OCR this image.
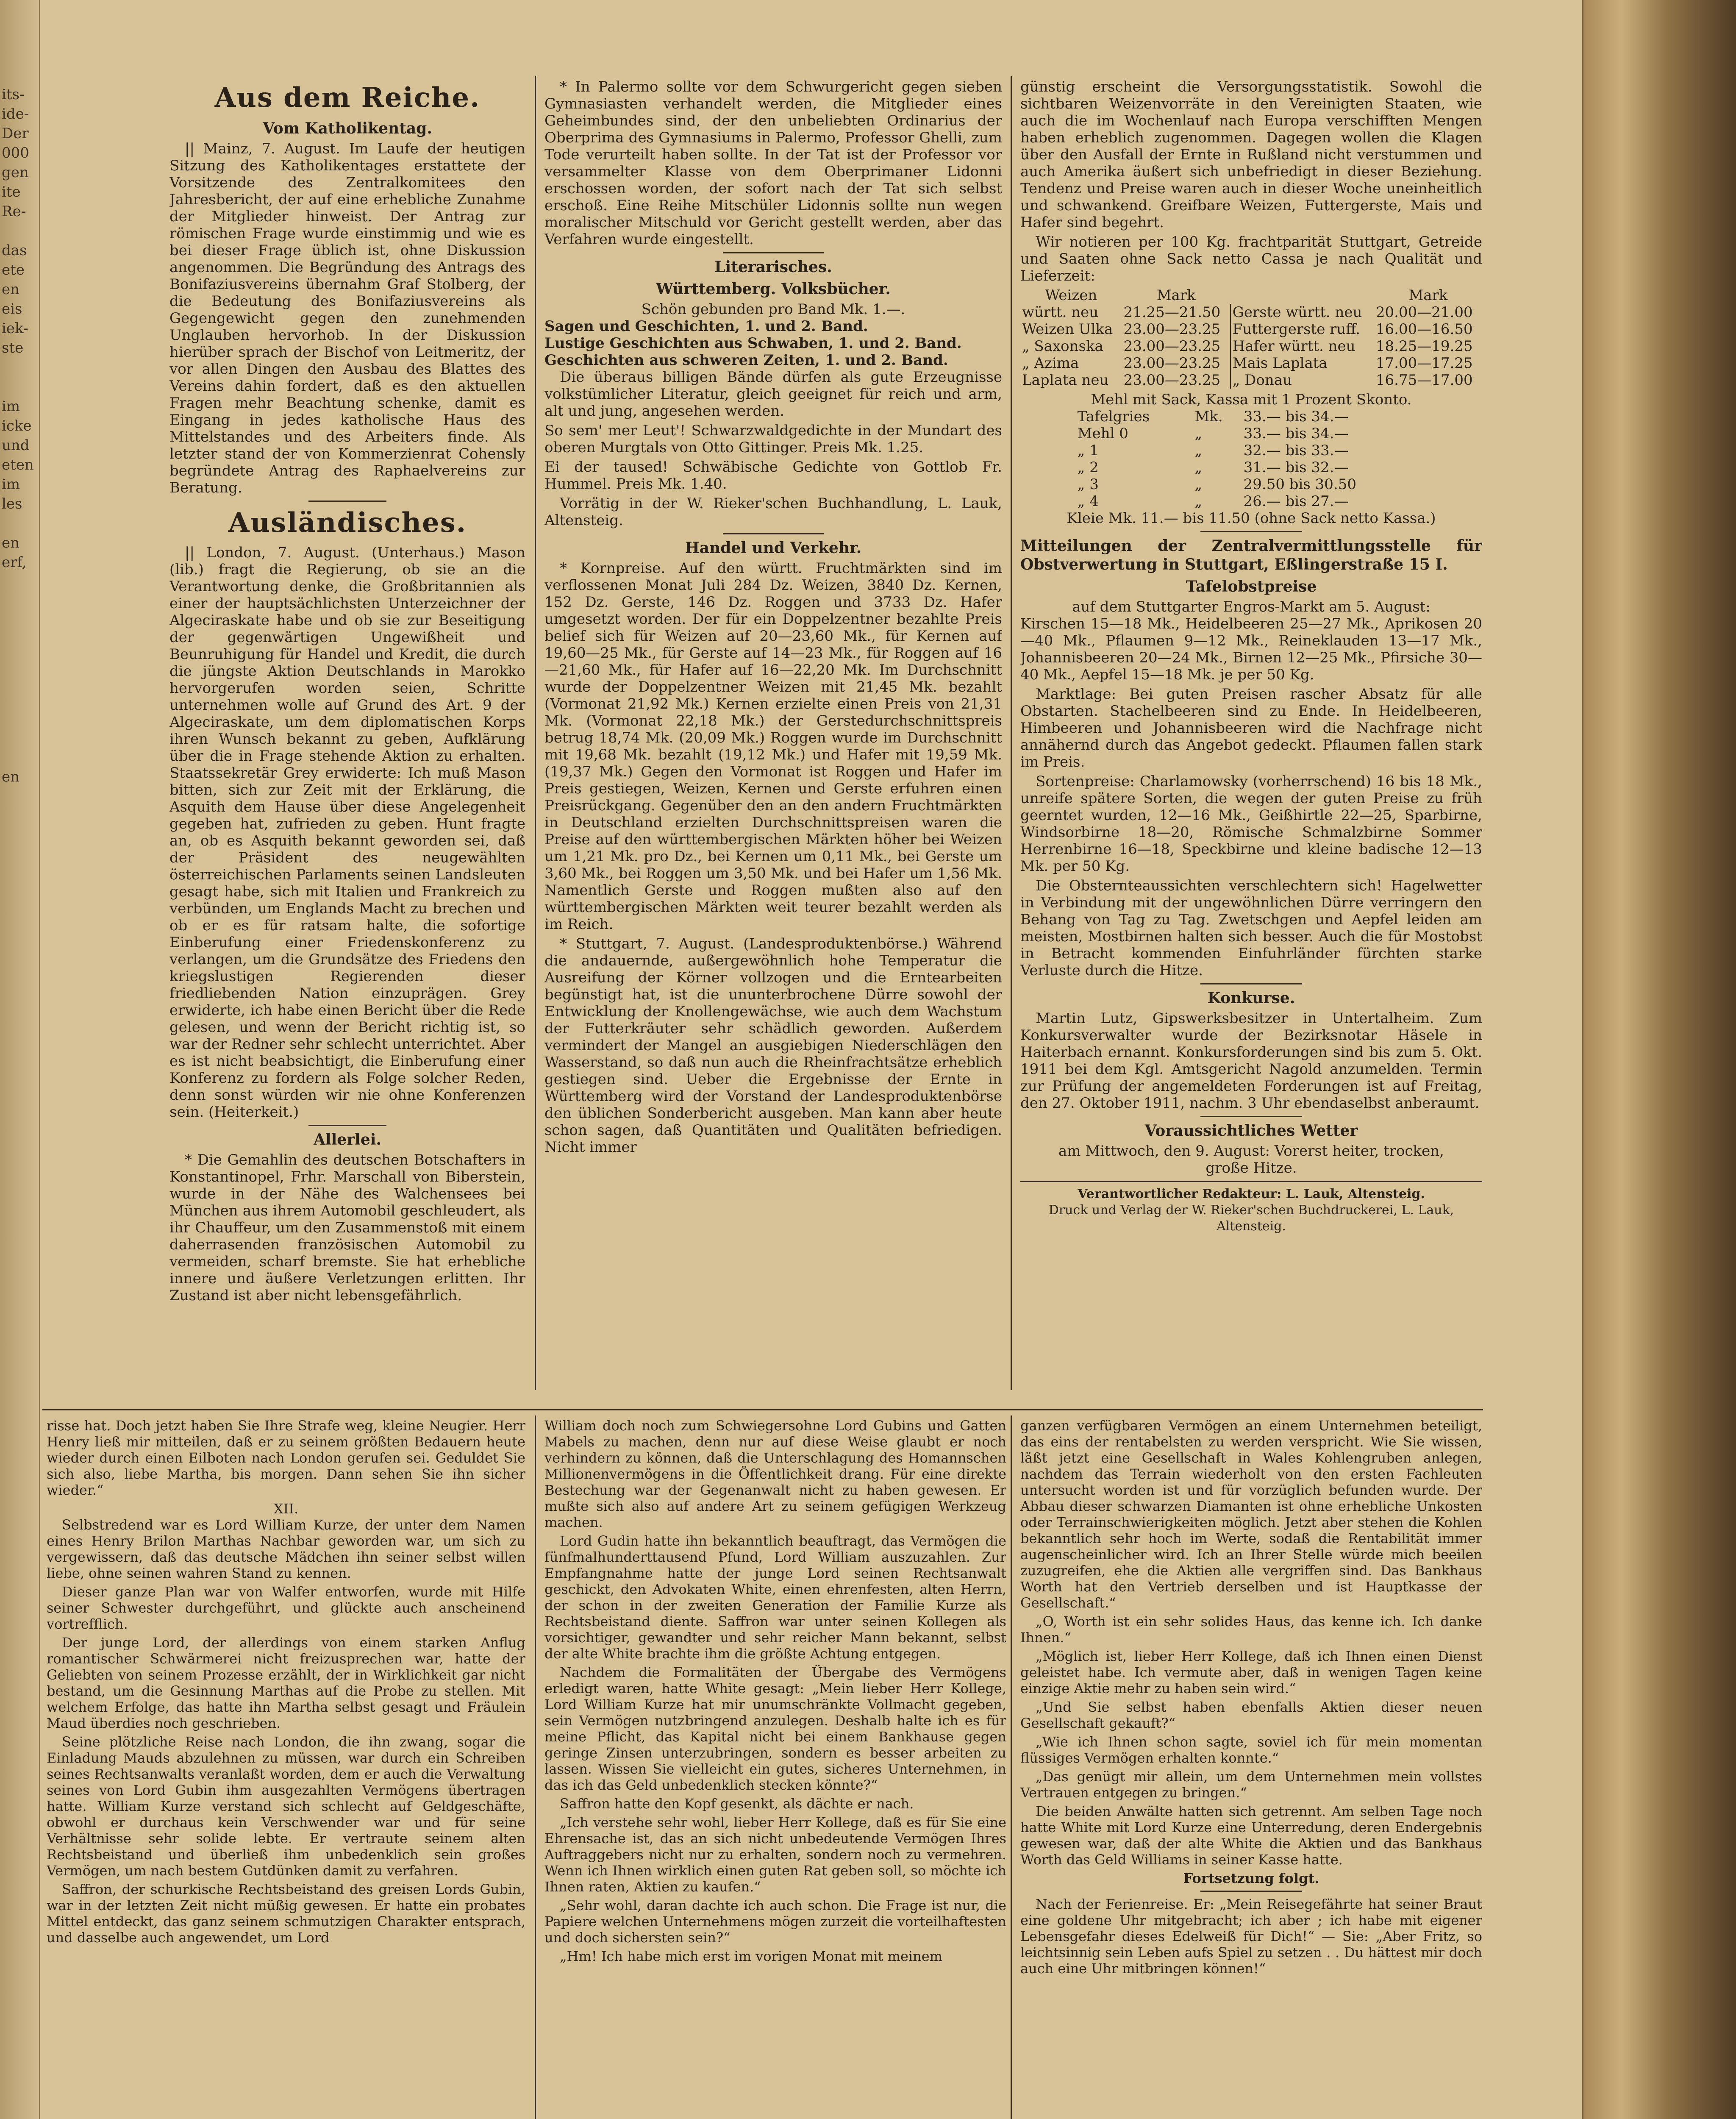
its-
ide-
Der
000
gen
ite
Re-
das
ete
en
eis
iek-
ste
im
icke
und
eten
im
les
en
erf,
en
Aus dem Reiche.
Vom Katholikentag.

|| Mainz, 7. August. Im Laufe der heutigen Sitzung des Katholikentages erstattete der Vorsitzende des Zentralkomitees den Jahresbericht, der auf eine erhebliche Zunahme der Mitglieder hinweist. Der Antrag zur römischen Frage wurde einstimmig und wie es bei dieser Frage üblich ist, ohne Diskussion angenommen. Die Begründung des Antrags des Bonifaziusvereins übernahm Graf Stolberg, der die Bedeutung des Bonifaziusvereins als Gegengewicht gegen den zunehmenden Unglauben hervorhob. In der Diskussion hierüber sprach der Bischof von Leitmeritz, der vor allen Dingen den Ausbau des Blattes des Vereins dahin fordert, daß es den aktuellen Fragen mehr Beachtung schenke, damit es Eingang in jedes katholische Haus des Mittelstandes und des Arbeiters finde. Als letzter stand der von Kommerzienrat Cohensly begründete Antrag des Raphaelvereins zur Beratung.

Ausländisches.

|| London, 7. August. (Unterhaus.) Mason (lib.) fragt die Regierung, ob sie an die Verantwortung denke, die Großbritannien als einer der hauptsächlichsten Unterzeichner der Algeciraskate habe und ob sie zur Beseitigung der gegenwärtigen Ungewißheit und Beunruhigung für Handel und Kredit, die durch die jüngste Aktion Deutschlands in Marokko hervorgerufen worden seien, Schritte unternehmen wolle auf Grund des Art. 9 der Algeciraskate, um dem diplomatischen Korps ihren Wunsch bekannt zu geben, Aufklärung über die in Frage stehende Aktion zu erhalten. Staatssekretär Grey erwiderte: Ich muß Mason bitten, sich zur Zeit mit der Erklärung, die Asquith dem Hause über diese Angelegenheit gegeben hat, zufrieden zu geben. Hunt fragte an, ob es Asquith bekannt geworden sei, daß der Präsident des neugewählten österreichischen Parlaments seinen Landsleuten gesagt habe, sich mit Italien und Frankreich zu verbünden, um Englands Macht zu brechen und ob er es für ratsam halte, die sofortige Einberufung einer Friedenskonferenz zu verlangen, um die Grundsätze des Friedens den kriegslustigen Regierenden dieser friedliebenden Nation einzuprägen. Grey erwiderte, ich habe einen Bericht über die Rede gelesen, und wenn der Bericht richtig ist, so war der Redner sehr schlecht unterrichtet. Aber es ist nicht beabsichtigt, die Einberufung einer Konferenz zu fordern als Folge solcher Reden, denn sonst würden wir nie ohne Konferenzen sein. (Heiterkeit.)

Allerlei.

* Die Gemahlin des deutschen Botschafters in Konstantinopel, Frhr. Marschall von Biberstein, wurde in der Nähe des Walchensees bei München aus ihrem Automobil geschleudert, als ihr Chauffeur, um den Zusammenstoß mit einem daherrasenden französischen Automobil zu vermeiden, scharf bremste. Sie hat erhebliche innere und äußere Verletzungen erlitten. Ihr Zustand ist aber nicht lebensgefährlich.

* In Palermo sollte vor dem Schwurgericht gegen sieben Gymnasiasten verhandelt werden, die Mitglieder eines Geheimbundes sind, der den unbeliebten Ordinarius der Oberprima des Gymnasiums in Palermo, Professor Ghelli, zum Tode verurteilt haben sollte. In der Tat ist der Professor vor versammelter Klasse von dem Oberprimaner Lidonni erschossen worden, der sofort nach der Tat sich selbst erschoß. Eine Reihe Mitschüler Lidonnis sollte nun wegen moralischer Mitschuld vor Gericht gestellt werden, aber das Verfahren wurde eingestellt.

Literarisches.
Württemberg. Volksbücher.
Schön gebunden pro Band Mk. 1.—.
Sagen und Geschichten, 1. und 2. Band.
Lustige Geschichten aus Schwaben, 1. und 2. Band.
Geschichten aus schweren Zeiten, 1. und 2. Band.

Die überaus billigen Bände dürfen als gute Erzeugnisse volkstümlicher Literatur, gleich geeignet für reich und arm, alt und jung, angesehen werden.

So sem' mer Leut'! Schwarzwaldgedichte in der Mundart des oberen Murgtals von Otto Gittinger. Preis Mk. 1.25.

Ei der taused! Schwäbische Gedichte von Gottlob Fr. Hummel. Preis Mk. 1.40.

Vorrätig in der W. Rieker'schen Buchhandlung, L. Lauk, Altensteig.

Handel und Verkehr.

* Kornpreise. Auf den württ. Fruchtmärkten sind im verflossenen Monat Juli 284 Dz. Weizen, 3840 Dz. Kernen, 152 Dz. Gerste, 146 Dz. Roggen und 3733 Dz. Hafer umgesetzt worden. Der für ein Doppelzentner bezahlte Preis belief sich für Weizen auf 20—23,60 Mk., für Kernen auf 19,60—25 Mk., für Gerste auf 14—23 Mk., für Roggen auf 16—21,60 Mk., für Hafer auf 16—22,20 Mk. Im Durchschnitt wurde der Doppelzentner Weizen mit 21,45 Mk. bezahlt (Vormonat 21,92 Mk.) Kernen erzielte einen Preis von 21,31 Mk. (Vormonat 22,18 Mk.) der Gerstedurchschnittspreis betrug 18,74 Mk. (20,09 Mk.) Roggen wurde im Durchschnitt mit 19,68 Mk. bezahlt (19,12 Mk.) und Hafer mit 19,59 Mk. (19,37 Mk.) Gegen den Vormonat ist Roggen und Hafer im Preis gestiegen, Weizen, Kernen und Gerste erfuhren einen Preisrückgang. Gegenüber den an den andern Fruchtmärkten in Deutschland erzielten Durchschnittspreisen waren die Preise auf den württembergischen Märkten höher bei Weizen um 1,21 Mk. pro Dz., bei Kernen um 0,11 Mk., bei Gerste um 3,60 Mk., bei Roggen um 3,50 Mk. und bei Hafer um 1,56 Mk. Namentlich Gerste und Roggen mußten also auf den württembergischen Märkten weit teurer bezahlt werden als im Reich.

* Stuttgart, 7. August. (Landesproduktenbörse.) Während die andauernde, außergewöhnlich hohe Temperatur die Ausreifung der Körner vollzogen und die Erntearbeiten begünstigt hat, ist die ununterbrochene Dürre sowohl der Entwicklung der Knollengewächse, wie auch dem Wachstum der Futterkräuter sehr schädlich geworden. Außerdem vermindert der Mangel an ausgiebigen Niederschlägen den Wasserstand, so daß nun auch die Rheinfrachtsätze erheblich gestiegen sind. Ueber die Ergebnisse der Ernte in Württemberg wird der Vorstand der Landesproduktenbörse den üblichen Sonderbericht ausgeben. Man kann aber heute schon sagen, daß Quantitäten und Qualitäten befriedigen. Nicht immer

günstig erscheint die Versorgungsstatistik. Sowohl die sichtbaren Weizenvorräte in den Vereinigten Staaten, wie auch die im Wochenlauf nach Europa verschifften Mengen haben erheblich zugenommen. Dagegen wollen die Klagen über den Ausfall der Ernte in Rußland nicht verstummen und auch Amerika äußert sich unbefriedigt in dieser Beziehung. Tendenz und Preise waren auch in dieser Woche uneinheitlich und schwankend. Greifbare Weizen, Futtergerste, Mais und Hafer sind begehrt.

Wir notieren per 100 Kg. frachtparität Stuttgart, Getreide und Saaten ohne Sack netto Cassa je nach Qualität und Lieferzeit:

Weizen	Mark		Mark
württ. neu	21.25—21.50	Gerste württ. neu	20.00—21.00
Weizen Ulka	23.00—23.25	Futtergerste ruff.	16.00—16.50
„ Saxonska	23.00—23.25	Hafer württ. neu	18.25—19.25
„ Azima	23.00—23.25	Mais Laplata	17.00—17.25
Laplata neu	23.00—23.25	„ Donau	16.75—17.00
Mehl mit Sack, Kassa mit 1 Prozent Skonto.
Tafelgries	Mk.	33.— bis 34.—
Mehl 0	„	33.— bis 34.—
„ 1	„	32.— bis 33.—
„ 2	„	31.— bis 32.—
„ 3	„	29.50 bis 30.50
„ 4	„	26.— bis 27.—
Kleie Mk. 11.— bis 11.50 (ohne Sack netto Kassa.)
Mitteilungen der Zentralvermittlungsstelle für Obstverwertung in Stuttgart, Eßlingerstraße 15 I.
Tafelobstpreise
auf dem Stuttgarter Engros-Markt am 5. August:

Kirschen 15—18 Mk., Heidelbeeren 25—27 Mk., Aprikosen 20—40 Mk., Pflaumen 9—12 Mk., Reineklauden 13—17 Mk., Johannisbeeren 20—24 Mk., Birnen 12—25 Mk., Pfirsiche 30—40 Mk., Aepfel 15—18 Mk. je per 50 Kg.

Marktlage: Bei guten Preisen rascher Absatz für alle Obstarten. Stachelbeeren sind zu Ende. In Heidelbeeren, Himbeeren und Johannisbeeren wird die Nachfrage nicht annähernd durch das Angebot gedeckt. Pflaumen fallen stark im Preis.

Sortenpreise: Charlamowsky (vorherrschend) 16 bis 18 Mk., unreife spätere Sorten, die wegen der guten Preise zu früh geerntet wurden, 12—16 Mk., Geißhirtle 22—25, Sparbirne, Windsorbirne 18—20, Römische Schmalzbirne Sommer Herrenbirne 16—18, Speckbirne und kleine badische 12—13 Mk. per 50 Kg.

Die Obsternteaussichten verschlechtern sich! Hagelwetter in Verbindung mit der ungewöhnlichen Dürre verringern den Behang von Tag zu Tag. Zwetschgen und Aepfel leiden am meisten, Mostbirnen halten sich besser. Auch die für Mostobst in Betracht kommenden Einfuhrländer fürchten starke Verluste durch die Hitze.

Konkurse.

Martin Lutz, Gipswerksbesitzer in Untertalheim. Zum Konkursverwalter wurde der Bezirksnotar Häsele in Haiterbach ernannt. Konkursforderungen sind bis zum 5. Okt. 1911 bei dem Kgl. Amtsgericht Nagold anzumelden. Termin zur Prüfung der angemeldeten Forderungen ist auf Freitag, den 27. Oktober 1911, nachm. 3 Uhr ebendaselbst anberaumt.

Voraussichtliches Wetter
am Mittwoch, den 9. August: Vorerst heiter, trocken, große Hitze.
Verantwortlicher Redakteur: L. Lauk, Altensteig.
Druck und Verlag der W. Rieker'schen Buchdruckerei, L. Lauk, Altensteig.

risse hat. Doch jetzt haben Sie Ihre Strafe weg, kleine Neugier. Herr Henry ließ mir mitteilen, daß er zu seinem größten Bedauern heute wieder durch einen Eilboten nach London gerufen sei. Geduldet Sie sich also, liebe Martha, bis morgen. Dann sehen Sie ihn sicher wieder.“

XII.

Selbstredend war es Lord William Kurze, der unter dem Namen eines Henry Brilon Marthas Nachbar geworden war, um sich zu vergewissern, daß das deutsche Mädchen ihn seiner selbst willen liebe, ohne seinen wahren Stand zu kennen.

Dieser ganze Plan war von Walfer entworfen, wurde mit Hilfe seiner Schwester durchgeführt, und glückte auch anscheinend vortrefflich.

Der junge Lord, der allerdings von einem starken Anflug romantischer Schwärmerei nicht freizusprechen war, hatte der Geliebten von seinem Prozesse erzählt, der in Wirklichkeit gar nicht bestand, um die Gesinnung Marthas auf die Probe zu stellen. Mit welchem Erfolge, das hatte ihn Martha selbst gesagt und Fräulein Maud überdies noch geschrieben.

Seine plötzliche Reise nach London, die ihn zwang, sogar die Einladung Mauds abzulehnen zu müssen, war durch ein Schreiben seines Rechtsanwalts veranlaßt worden, dem er auch die Verwaltung seines von Lord Gubin ihm ausgezahlten Vermögens übertragen hatte. William Kurze verstand sich schlecht auf Geldgeschäfte, obwohl er durchaus kein Verschwender war und für seine Verhältnisse sehr solide lebte. Er vertraute seinem alten Rechtsbeistand und überließ ihm unbedenklich sein großes Vermögen, um nach bestem Gutdünken damit zu verfahren.

Saffron, der schurkische Rechtsbeistand des greisen Lords Gubin, war in der letzten Zeit nicht müßig gewesen. Er hatte ein probates Mittel entdeckt, das ganz seinem schmutzigen Charakter entsprach, und dasselbe auch angewendet, um Lord

William doch noch zum Schwiegersohne Lord Gubins und Gatten Mabels zu machen, denn nur auf diese Weise glaubt er noch verhindern zu können, daß die Unterschlagung des Homannschen Millionenvermögens in die Öffentlichkeit drang. Für eine direkte Bestechung war der Gegenanwalt nicht zu haben gewesen. Er mußte sich also auf andere Art zu seinem gefügigen Werkzeug machen.

Lord Gudin hatte ihn bekanntlich beauftragt, das Vermögen die fünfmalhunderttausend Pfund, Lord William auszuzahlen. Zur Empfangnahme hatte der junge Lord seinen Rechtsanwalt geschickt, den Advokaten White, einen ehrenfesten, alten Herrn, der schon in der zweiten Generation der Familie Kurze als Rechtsbeistand diente. Saffron war unter seinen Kollegen als vorsichtiger, gewandter und sehr reicher Mann bekannt, selbst der alte White brachte ihm die größte Achtung entgegen.

Nachdem die Formalitäten der Übergabe des Vermögens erledigt waren, hatte White gesagt: „Mein lieber Herr Kollege, Lord William Kurze hat mir unumschränkte Vollmacht gegeben, sein Vermögen nutzbringend anzulegen. Deshalb halte ich es für meine Pflicht, das Kapital nicht bei einem Bankhause gegen geringe Zinsen unterzubringen, sondern es besser arbeiten zu lassen. Wissen Sie vielleicht ein gutes, sicheres Unternehmen, in das ich das Geld unbedenklich stecken könnte?“

Saffron hatte den Kopf gesenkt, als dächte er nach.

„Ich verstehe sehr wohl, lieber Herr Kollege, daß es für Sie eine Ehrensache ist, das an sich nicht unbedeutende Vermögen Ihres Auftraggebers nicht nur zu erhalten, sondern noch zu vermehren. Wenn ich Ihnen wirklich einen guten Rat geben soll, so möchte ich Ihnen raten, Aktien zu kaufen.“

„Sehr wohl, daran dachte ich auch schon. Die Frage ist nur, die Papiere welchen Unternehmens mögen zurzeit die vorteilhaftesten und doch sichersten sein?“

„Hm! Ich habe mich erst im vorigen Monat mit meinem

ganzen verfügbaren Vermögen an einem Unternehmen beteiligt, das eins der rentabelsten zu werden verspricht. Wie Sie wissen, läßt jetzt eine Gesellschaft in Wales Kohlengruben anlegen, nachdem das Terrain wiederholt von den ersten Fachleuten untersucht worden ist und für vorzüglich befunden wurde. Der Abbau dieser schwarzen Diamanten ist ohne erhebliche Unkosten oder Terrainschwierigkeiten möglich. Jetzt aber stehen die Kohlen bekanntlich sehr hoch im Werte, sodaß die Rentabilität immer augenscheinlicher wird. Ich an Ihrer Stelle würde mich beeilen zuzugreifen, ehe die Aktien alle vergriffen sind. Das Bankhaus Worth hat den Vertrieb derselben und ist Hauptkasse der Gesellschaft.“

„O, Worth ist ein sehr solides Haus, das kenne ich. Ich danke Ihnen.“

„Möglich ist, lieber Herr Kollege, daß ich Ihnen einen Dienst geleistet habe. Ich vermute aber, daß in wenigen Tagen keine einzige Aktie mehr zu haben sein wird.“

„Und Sie selbst haben ebenfalls Aktien dieser neuen Gesellschaft gekauft?“

„Wie ich Ihnen schon sagte, soviel ich für mein momentan flüssiges Vermögen erhalten konnte.“

„Das genügt mir allein, um dem Unternehmen mein vollstes Vertrauen entgegen zu bringen.“

Die beiden Anwälte hatten sich getrennt. Am selben Tage noch hatte White mit Lord Kurze eine Unterredung, deren Endergebnis gewesen war, daß der alte White die Aktien und das Bankhaus Worth das Geld Williams in seiner Kasse hatte.

Fortsetzung folgt.

Nach der Ferienreise. Er: „Mein Reisegefährte hat seiner Braut eine goldene Uhr mitgebracht; ich aber ; ich habe mit eigener Lebensgefahr dieses Edelweiß für Dich!“ — Sie: „Aber Fritz, so leichtsinnig sein Leben aufs Spiel zu setzen . . Du hättest mir doch auch eine Uhr mitbringen können!“
